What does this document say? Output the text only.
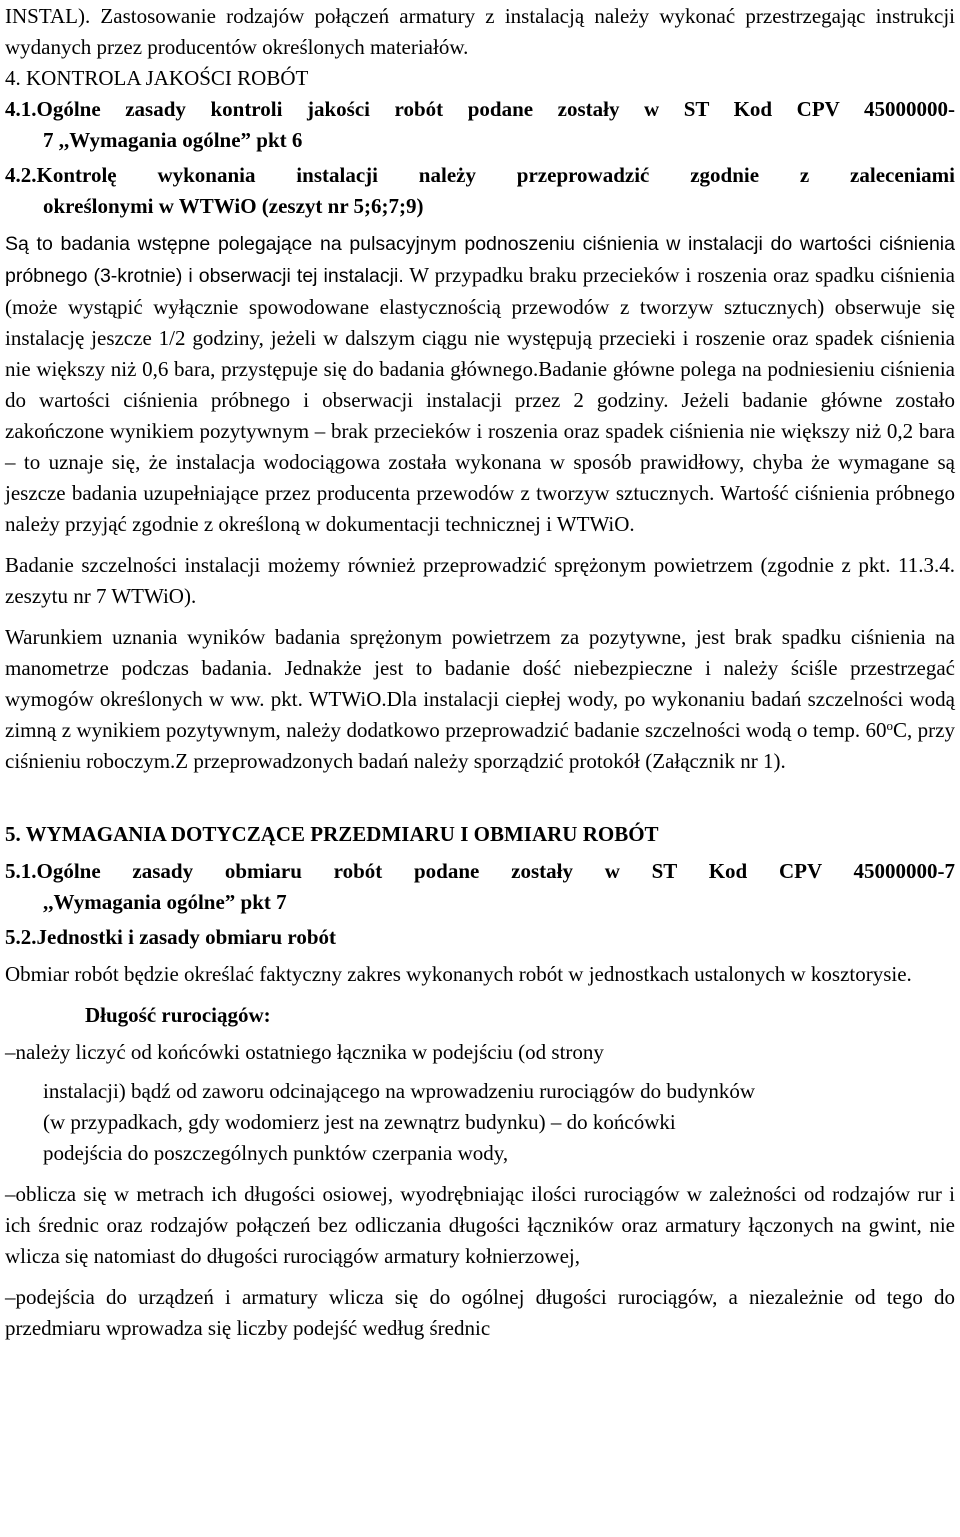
INSTAL). Zastosowanie rodzajów połączeń armatury z instalacją należy wykonać przestrzegając instrukcji wydanych przez producentów określonych materiałów.

4. KONTROLA JAKOŚCI ROBÓT

4.1.Ogólne zasady kontroli jakości robót podane zostały w ST Kod CPV 45000000-
7 ,,Wymagania ogólne” pkt 6

4.2.Kontrolę wykonania instalacji należy przeprowadzić zgodnie z zaleceniami
określonymi w WTWiO (zeszyt nr 5;6;7;9)

Są to badania wstępne polegające na pulsacyjnym podnoszeniu ciśnienia w instalacji do wartości ciśnienia próbnego (3-krotnie) i obserwacji tej instalacji. W przypadku braku przecieków i roszenia oraz spadku ciśnienia (może wystąpić wyłącznie spowodowane elastycznością przewodów z tworzyw sztucznych) obserwuje się instalację jeszcze 1/2 godziny, jeżeli w dalszym ciągu nie występują przecieki i roszenie oraz spadek ciśnienia nie większy niż 0,6 bara, przystępuje się do badania głównego.Badanie główne polega na podniesieniu ciśnienia do wartości ciśnienia próbnego i obserwacji instalacji przez 2 godziny. Jeżeli badanie główne zostało zakończone wynikiem pozytywnym – brak przecieków i roszenia oraz spadek ciśnienia nie większy niż 0,2 bara – to uznaje się, że instalacja wodociągowa została wykonana w sposób prawidłowy, chyba że wymagane są jeszcze badania uzupełniające przez producenta przewodów z tworzyw sztucznych. Wartość ciśnienia próbnego należy przyjąć zgodnie z określoną w dokumentacji technicznej i WTWiO.

Badanie szczelności instalacji możemy również przeprowadzić sprężonym powietrzem (zgodnie z pkt. 11.3.4. zeszytu nr 7 WTWiO).

Warunkiem uznania wyników badania sprężonym powietrzem za pozytywne, jest brak spadku ciśnienia na manometrze podczas badania. Jednakże jest to badanie dość niebezpieczne i należy ściśle przestrzegać wymogów określonych w ww. pkt. WTWiO.Dla instalacji ciepłej wody, po wykonaniu badań szczelności wodą zimną z wynikiem pozytywnym, należy dodatkowo przeprowadzić badanie szczelności wodą o temp. 60$^o$C, przy ciśnieniu roboczym.Z przeprowadzonych badań należy sporządzić protokół (Załącznik nr 1).

5. WYMAGANIA DOTYCZĄCE PRZEDMIARU I OBMIARU ROBÓT

5.1.Ogólne zasady obmiaru robót podane zostały w ST Kod CPV 45000000-7
,,Wymagania ogólne” pkt 7

5.2.Jednostki i zasady obmiaru robót

Obmiar robót będzie określać faktyczny zakres wykonanych robót w jednostkach ustalonych w kosztorysie.

Długość rurociągów:

–należy liczyć od końcówki ostatniego łącznika w podejściu (od strony

instalacji) bądź od zaworu odcinającego na wprowadzeniu rurociągów do budynków

(w przypadkach, gdy wodomierz jest na zewnątrz budynku) – do końcówki

podejścia do poszczególnych punktów czerpania wody,

–oblicza się w metrach ich długości osiowej, wyodrębniając ilości rurociągów w zależności od rodzajów rur i ich średnic oraz rodzajów połączeń bez odliczania długości łączników oraz armatury łączonych na gwint, nie wlicza się natomiast do długości rurociągów armatury kołnierzowej,

–podejścia do urządzeń i armatury wlicza się do ogólnej długości rurociągów, a niezależnie od tego do przedmiaru wprowadza się liczby podejść według średnic
